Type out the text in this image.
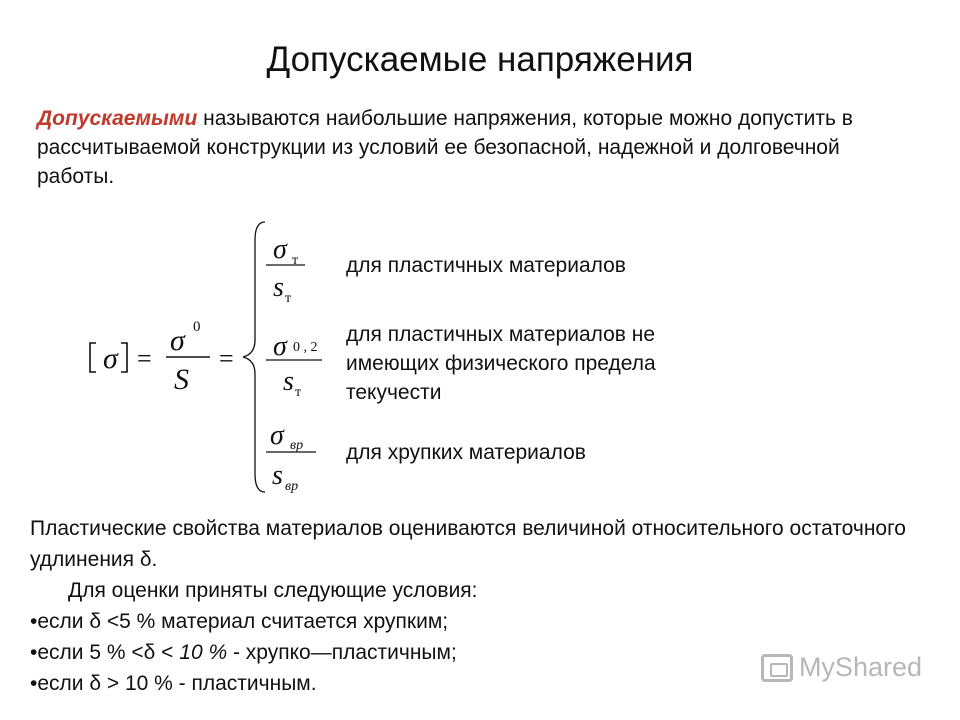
Допускаемые напряжения
Допускаемыми называются наибольшие напряжения, которые можно допустить в рассчитываемой конструкции из условий ее безопасной, надежной и долговечной работы.
σ =
σ 0
S
=
σ т
s т
σ 0 , 2
s т
σ вр
s вр
для пластичных материалов
для пластичных материалов не имеющих физического предела текучести
для хрупких материалов

Пластические свойства материалов оцениваются величиной относительного остаточного удлинения δ.

Для оценки приняты следующие условия:

•если δ <5 % материал считается хрупким;

•если 5 % <δ < 10 % - хрупко—пластичным;

•если δ > 10 % - пластичным.

MyShared
